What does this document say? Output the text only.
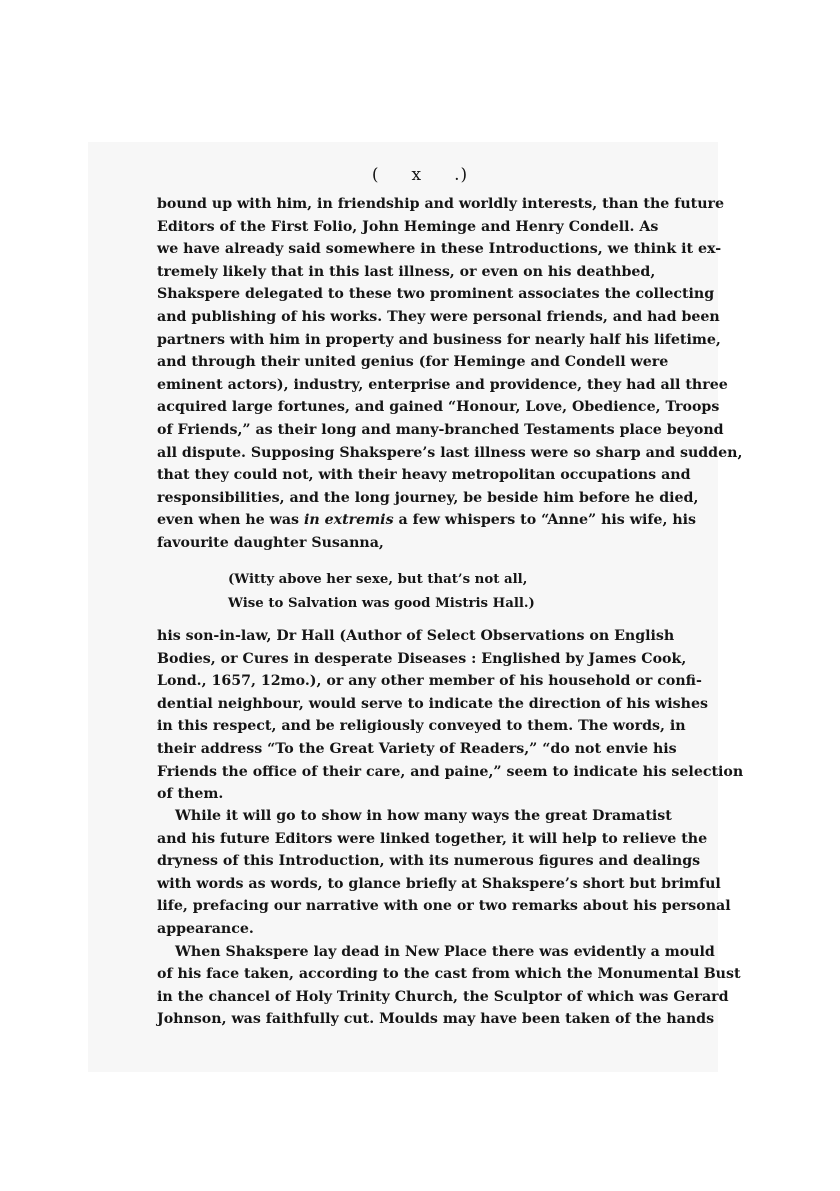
( x .)
bound up with him, in friendship and worldly interests, than the future
Editors of the First Folio, John Heminge and Henry Condell. As
we have already said somewhere in these Introductions, we think it ex-
tremely likely that in this last illness, or even on his deathbed,
Shakspere delegated to these two prominent associates the collecting
and publishing of his works. They were personal friends, and had been
partners with him in property and business for nearly half his lifetime,
and through their united genius (for Heminge and Condell were
eminent actors), industry, enterprise and providence, they had all three
acquired large fortunes, and gained “Honour, Love, Obedience, Troops
of Friends,” as their long and many-branched Testaments place beyond
all dispute. Supposing Shakspere’s last illness were so sharp and sudden,
that they could not, with their heavy metropolitan occupations and
responsibilities, and the long journey, be beside him before he died,
even when he was in extremis a few whispers to “Anne” his wife, his
favourite daughter Susanna,
(Witty above her sexe, but that’s not all,
Wise to Salvation was good Mistris Hall.)
his son-in-law, Dr Hall (Author of Select Observations on English
Bodies, or Cures in desperate Diseases : Englished by James Cook,
Lond., 1657, 12mo.), or any other member of his household or confi-
dential neighbour, would serve to indicate the direction of his wishes
in this respect, and be religiously conveyed to them. The words, in
their address “To the Great Variety of Readers,” “do not envie his
Friends the office of their care, and paine,” seem to indicate his selection
of them.
While it will go to show in how many ways the great Dramatist
and his future Editors were linked together, it will help to relieve the
dryness of this Introduction, with its numerous figures and dealings
with words as words, to glance briefly at Shakspere’s short but brimful
life, prefacing our narrative with one or two remarks about his personal
appearance.
When Shakspere lay dead in New Place there was evidently a mould
of his face taken, according to the cast from which the Monumental Bust
in the chancel of Holy Trinity Church, the Sculptor of which was Gerard
Johnson, was faithfully cut. Moulds may have been taken of the hands
